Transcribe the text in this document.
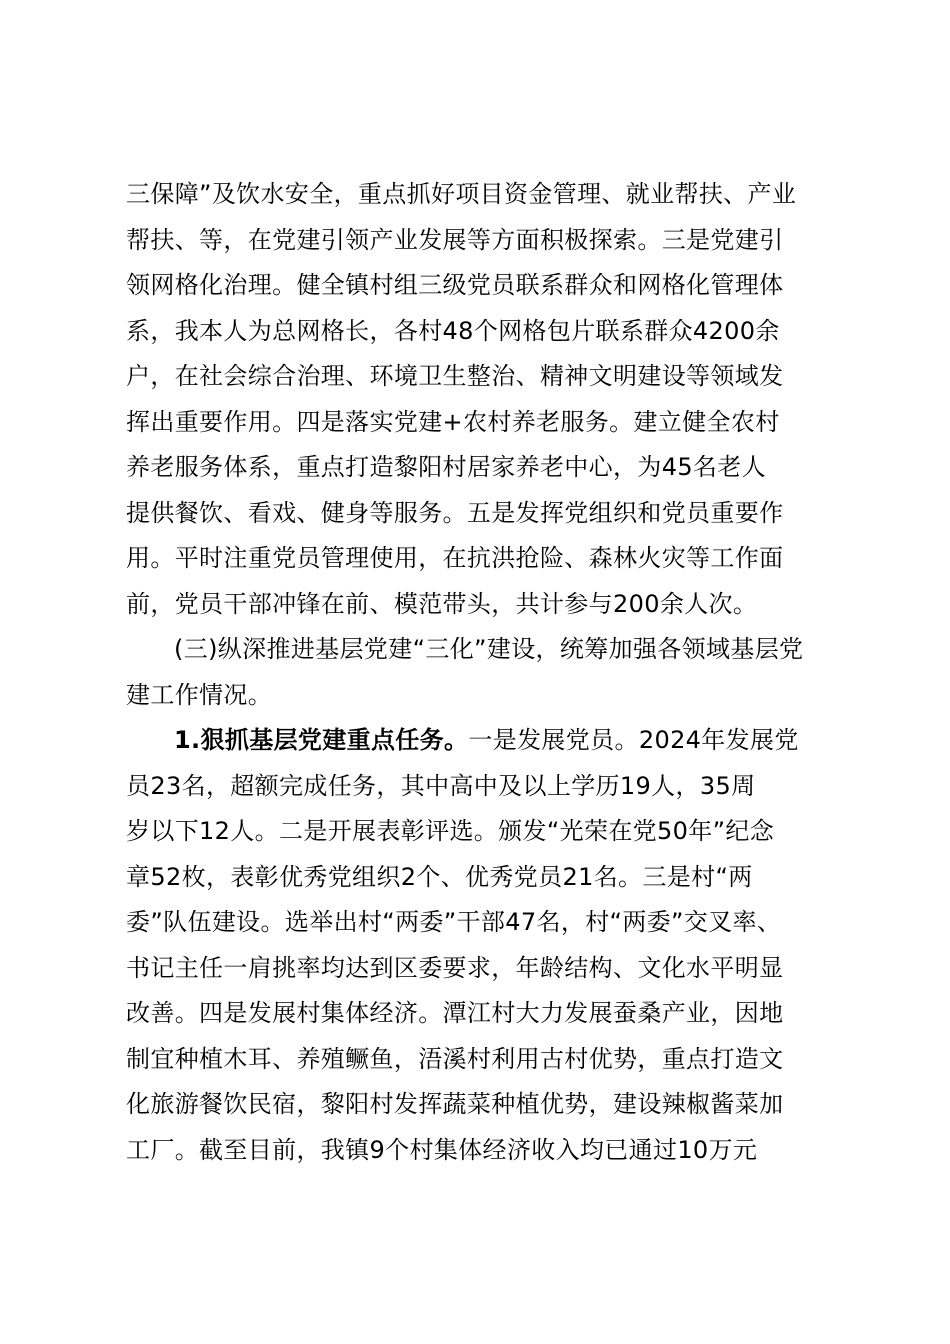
三保障”及饮水安全，重点抓好项目资金管理、就业帮扶、产业
帮扶、等，在党建引领产业发展等方面积极探索。三是党建引
领网格化治理。健全镇村组三级党员联系群众和网格化管理体
系，我本人为总网格长，各村48个网格包片联系群众4200余
户，在社会综合治理、环境卫生整治、精神文明建设等领域发
挥出重要作用。四是落实党建+农村养老服务。建立健全农村
养老服务体系，重点打造黎阳村居家养老中心，为45名老人
提供餐饮、看戏、健身等服务。五是发挥党组织和党员重要作
用。平时注重党员管理使用，在抗洪抢险、森林火灾等工作面
前，党员干部冲锋在前、模范带头，共计参与200余人次。
(三)纵深推进基层党建“三化”建设，统筹加强各领域基层党
建工作情况。
1.狠抓基层党建重点任务。一是发展党员。2024年发展党
员23名，超额完成任务，其中高中及以上学历19人，35周
岁以下12人。二是开展表彰评选。颁发“光荣在党50年”纪念
章52枚，表彰优秀党组织2个、优秀党员21名。三是村“两
委”队伍建设。选举出村“两委”干部47名，村“两委”交叉率、
书记主任一肩挑率均达到区委要求，年龄结构、文化水平明显
改善。四是发展村集体经济。潭江村大力发展蚕桑产业，因地
制宜种植木耳、养殖鳜鱼，浯溪村利用古村优势，重点打造文
化旅游餐饮民宿，黎阳村发挥蔬菜种植优势，建设辣椒酱菜加
工厂。截至目前，我镇9个村集体经济收入均已通过10万元
